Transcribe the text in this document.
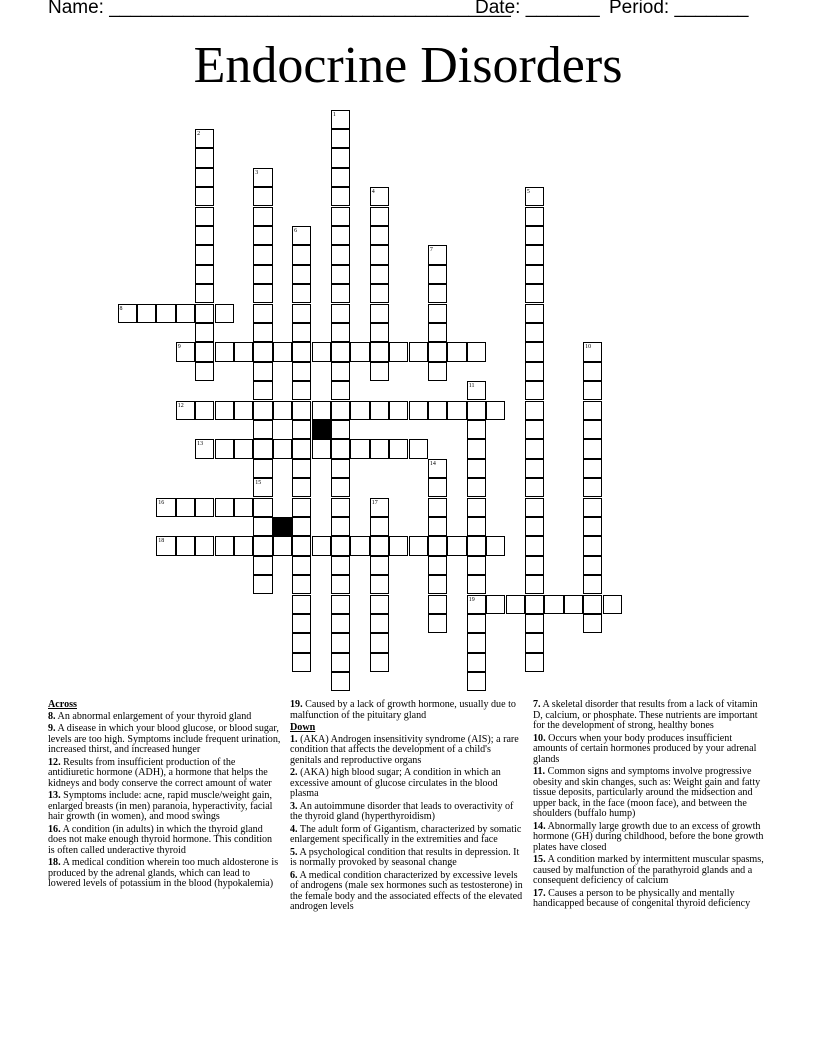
Name: ______________________________________
Date: _______ Period: _______
Endocrine Disorders
1
2
3
4	5
6
7
8
9	10
11
12
13
14
15
16	17
18
19
Across
8. An abnormal enlargement of your thyroid gland
9. A disease in which your blood glucose, or blood sugar, levels are too high. Symptoms include frequent urination, increased thirst, and increased hunger
12. Results from insufficient production of the antidiuretic hormone (ADH), a hormone that helps the kidneys and body conserve the correct amount of water
13. Symptoms include: acne, rapid muscle/weight gain, enlarged breasts (in men) paranoia, hyperactivity, facial hair growth (in women), and mood swings
16. A condition (in adults) in which the thyroid gland does not make enough thyroid hormone. This condition is often called underactive thyroid
18. A medical condition wherein too much aldosterone is produced by the adrenal glands, which can lead to lowered levels of potassium in the blood (hypokalemia)
19. Caused by a lack of growth hormone, usually due to malfunction of the pituitary gland
Down
1. (AKA) Androgen insensitivity syndrome (AIS); a rare condition that affects the development of a child's genitals and reproductive organs
2. (AKA) high blood sugar; A condition in which an excessive amount of glucose circulates in the blood plasma
3. An autoimmune disorder that leads to overactivity of the thyroid gland (hyperthyroidism)
4. The adult form of Gigantism, characterized by somatic enlargement specifically in the extremities and face
5. A psychological condition that results in depression. It is normally provoked by seasonal change
6. A medical condition characterized by excessive levels of androgens (male sex hormones such as testosterone) in the female body and the associated effects of the elevated androgen levels
7. A skeletal disorder that results from a lack of vitamin D, calcium, or phosphate. These nutrients are important for the development of strong, healthy bones
10. Occurs when your body produces insufficient amounts of certain hormones produced by your adrenal glands
11. Common signs and symptoms involve progressive obesity and skin changes, such as: Weight gain and fatty tissue deposits, particularly around the midsection and upper back, in the face (moon face), and between the shoulders (buffalo hump)
14. Abnormally large growth due to an excess of growth hormone (GH) during childhood, before the bone growth plates have closed
15. A condition marked by intermittent muscular spasms, caused by malfunction of the parathyroid glands and a consequent deficiency of calcium
17. Causes a person to be physically and mentally handicapped because of congenital thyroid deficiency
